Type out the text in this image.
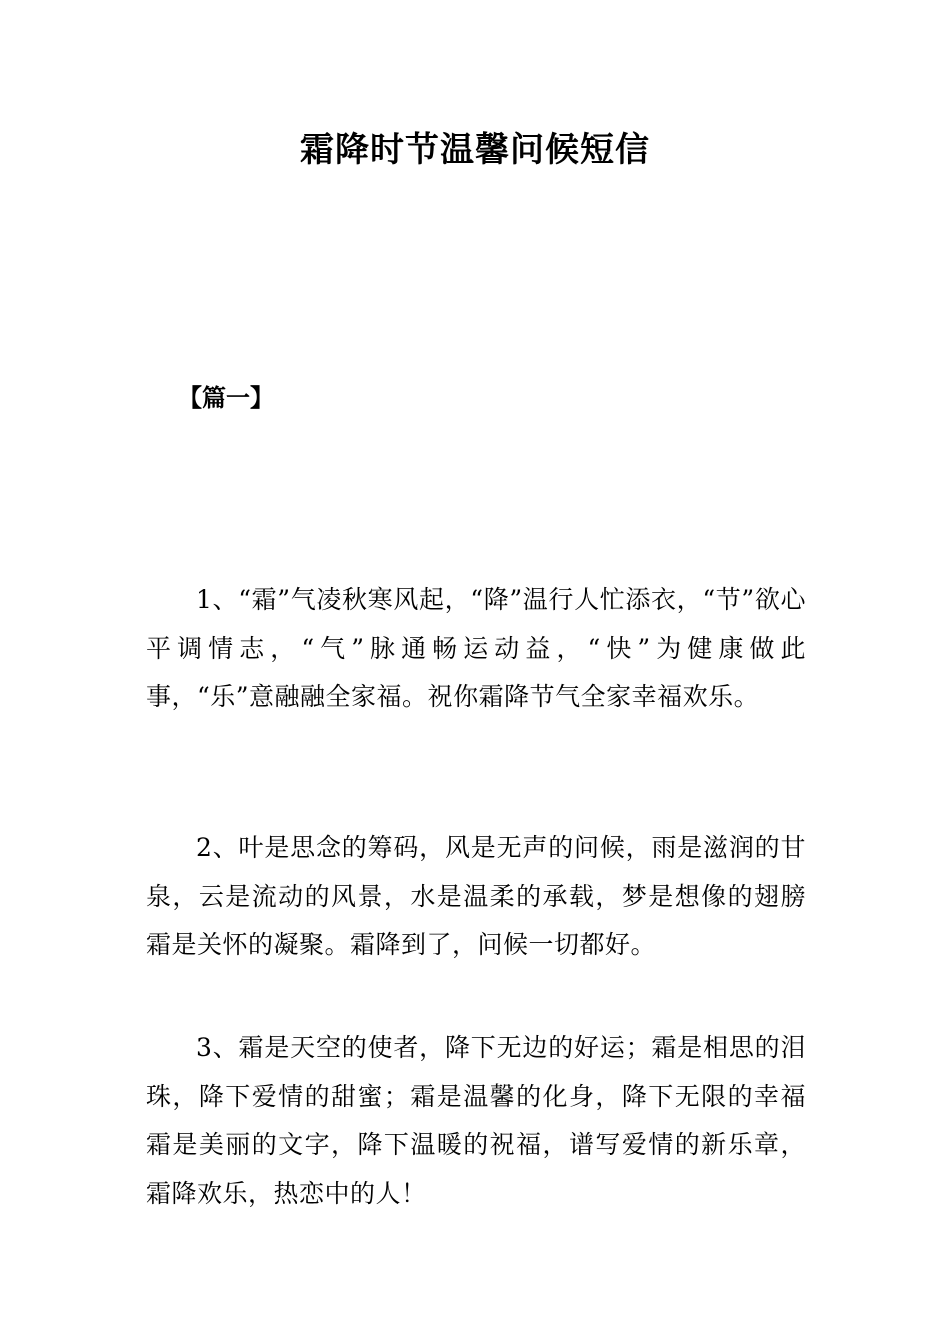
霜降时节温馨问候短信
【篇一】

1、“霜”气凌秋寒风起，“降”温行人忙添衣，“节”欲心平调情志，“气”脉通畅运动益，“快”为健康做此事，“乐”意融融全家福。祝你霜降节气全家幸福欢乐。

2、叶是思念的筹码，风是无声的问候，雨是滋润的甘泉，云是流动的风景，水是温柔的承载，梦是想像的翅膀霜是关怀的凝聚。霜降到了，问候一切都好。

3、霜是天空的使者，降下无边的好运；霜是相思的泪珠，降下爱情的甜蜜；霜是温馨的化身，降下无限的幸福霜是美丽的文字，降下温暖的祝福，谱写爱情的新乐章，霜降欢乐，热恋中的人！
